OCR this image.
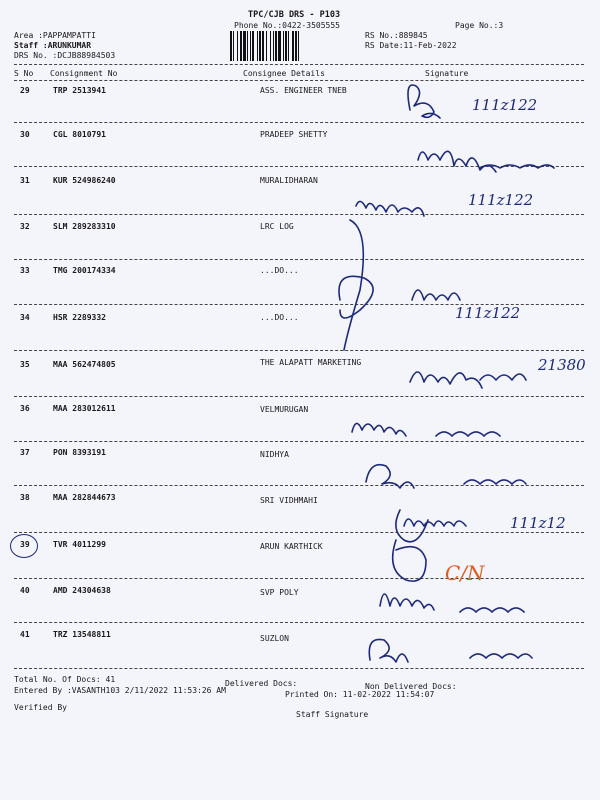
TPC/CJB DRS - P103
Phone No.:0422-3505555	Page No.:3
Area :PAPPAMPATTI
Staff :ARUNKUMAR
DRS No. :DCJB88984503
RS No.:889845
RS Date:11-Feb-2022
S No Consignment No	Consignee Details	Signature
29	TRP 2513941	ASS. ENGINEER TNEB
30	CGL 8010791	PRADEEP SHETTY
31	KUR 524986240	MURALIDHARAN
32	SLM 289283310	LRC LOG
33	TMG 200174334	...DO...
34	HSR 2289332	...DO...
35	MAA 562474805	THE ALAPATT MARKETING
36	MAA 283012611	VELMURUGAN
37	PON 8393191	NIDHYA
38	MAA 282844673	SRI VIDHMAHI
39	TVR 4011299	ARUN KARTHICK
40	AMD 24304638	SVP POLY
41	TRZ 13548811	SUZLON
Total No. Of Docs: 41	Delivered Docs:	Non Delivered Docs:
Entered By :VASANTH103 2/11/2022 11:53:26 AM	Printed On: 11-02-2022 11:54:07
Verified By
Staff Signature
111z122
111z122
111z122
111z12
21380
C/N
